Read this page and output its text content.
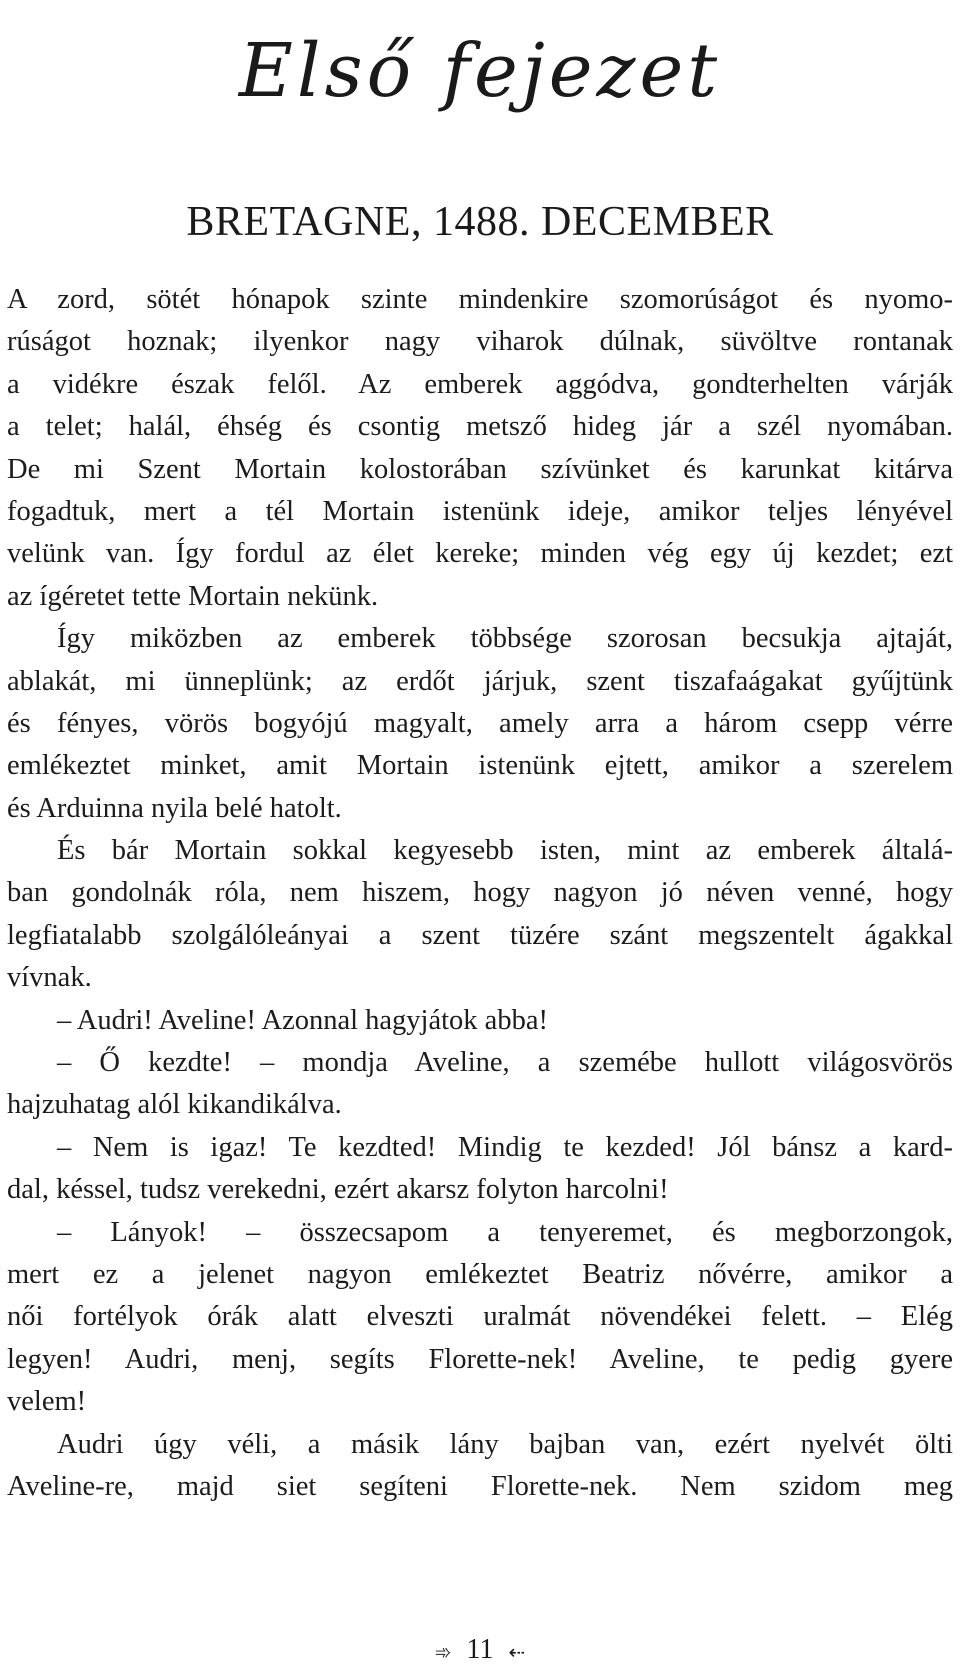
Első fejezet
BRETAGNE, 1488. DECEMBER
A zord, sötét hónapok szinte mindenkire szomorúságot és nyomo-
rúságot hoznak; ilyenkor nagy viharok dúlnak, süvöltve rontanak
a vidékre észak felől. Az emberek aggódva, gondterhelten várják
a telet; halál, éhség és csontig metsző hideg jár a szél nyomában.
De mi Szent Mortain kolostorában szívünket és karunkat kitárva
fogadtuk, mert a tél Mortain istenünk ideje, amikor teljes lényével
velünk van. Így fordul az élet kereke; minden vég egy új kezdet; ezt
az ígéretet tette Mortain nekünk.
Így miközben az emberek többsége szorosan becsukja ajtaját,
ablakát, mi ünneplünk; az erdőt járjuk, szent tiszafaágakat gyűjtünk
és fényes, vörös bogyójú magyalt, amely arra a három csepp vérre
emlékeztet minket, amit Mortain istenünk ejtett, amikor a szerelem
és Arduinna nyila belé hatolt.
És bár Mortain sokkal kegyesebb isten, mint az emberek általá-
ban gondolnák róla, nem hiszem, hogy nagyon jó néven venné, hogy
legfiatalabb szolgálóleányai a szent tüzére szánt megszentelt ágakkal
vívnak.
– Audri! Aveline! Azonnal hagyjátok abba!
– Ő kezdte! – mondja Aveline, a szemébe hullott világosvörös
hajzuhatag alól kikandikálva.
– Nem is igaz! Te kezdted! Mindig te kezded! Jól bánsz a kard-
dal, késsel, tudsz verekedni, ezért akarsz folyton harcolni!
– Lányok! – összecsapom a tenyeremet, és megborzongok,
mert ez a jelenet nagyon emlékeztet Beatriz nővérre, amikor a
női fortélyok órák alatt elveszti uralmát növendékei felett. – Elég
legyen! Audri, menj, segíts Florette-nek! Aveline, te pedig gyere
velem!
Audri úgy véli, a másik lány bajban van, ezért nyelvét ölti
Aveline-re, majd siet segíteni Florette-nek. Nem szidom meg
➾ 11 ⇠
